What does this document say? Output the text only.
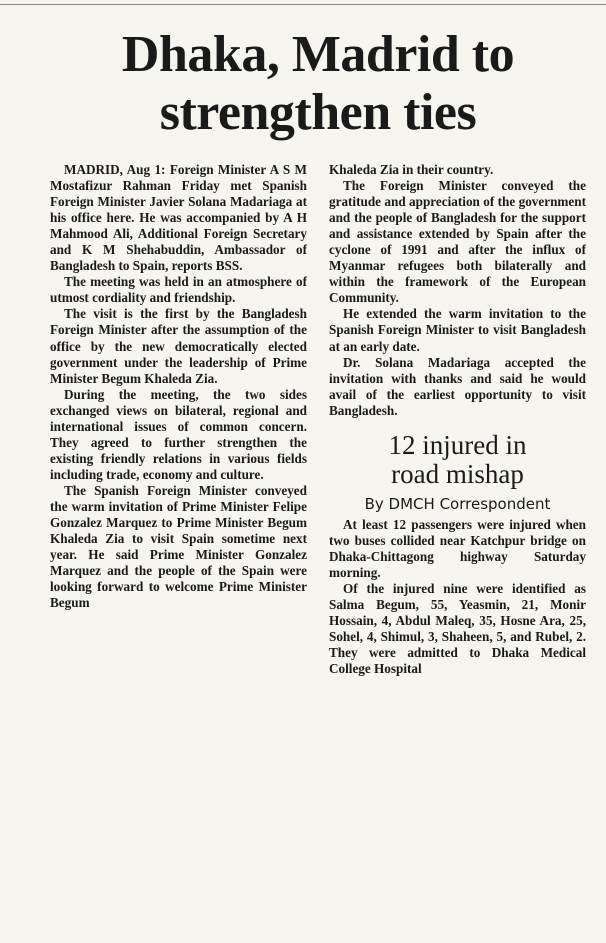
Dhaka, Madrid to
strengthen ties

MADRID, Aug 1: Foreign Minister A S M Mostafizur Rahman Friday met Spanish Foreign Minister Javier Solana Madariaga at his office here. He was accompanied by A H Mahmood Ali, Additional Foreign Secretary and K M Shehabuddin, Ambassador of Bangladesh to Spain, reports BSS.

The meeting was held in an atmosphere of utmost cordiality and friendship.

The visit is the first by the Bangladesh Foreign Minister after the assumption of the office by the new democratically elected government under the leadership of Prime Minister Begum Khaleda Zia.

During the meeting, the two sides exchanged views on bilateral, regional and international issues of common concern. They agreed to further strengthen the existing friendly relations in various fields including trade, economy and culture.

The Spanish Foreign Minister conveyed the warm invitation of Prime Minister Felipe Gonzalez Marquez to Prime Minister Begum Khaleda Zia to visit Spain sometime next year. He said Prime Minister Gonzalez Marquez and the people of the Spain were looking forward to welcome Prime Minister Begum

Khaleda Zia in their country.

The Foreign Minister conveyed the gratitude and appreciation of the government and the people of Bangladesh for the support and assistance extended by Spain after the cyclone of 1991 and after the influx of Myanmar refugees both bilaterally and within the framework of the European Community.

He extended the warm invitation to the Spanish Foreign Minister to visit Bangladesh at an early date.

Dr. Solana Madariaga accepted the invitation with thanks and said he would avail of the earliest opportunity to visit Bangladesh.

12 injured in
road mishap
By DMCH Correspondent

At least 12 passengers were injured when two buses collided near Katchpur bridge on Dhaka-Chittagong highway Saturday morning.

Of the injured nine were identified as Salma Begum, 55, Yeasmin, 21, Monir Hossain, 4, Abdul Maleq, 35, Hosne Ara, 25, Sohel, 4, Shimul, 3, Shaheen, 5, and Rubel, 2. They were admitted to Dhaka Medical College Hospital
